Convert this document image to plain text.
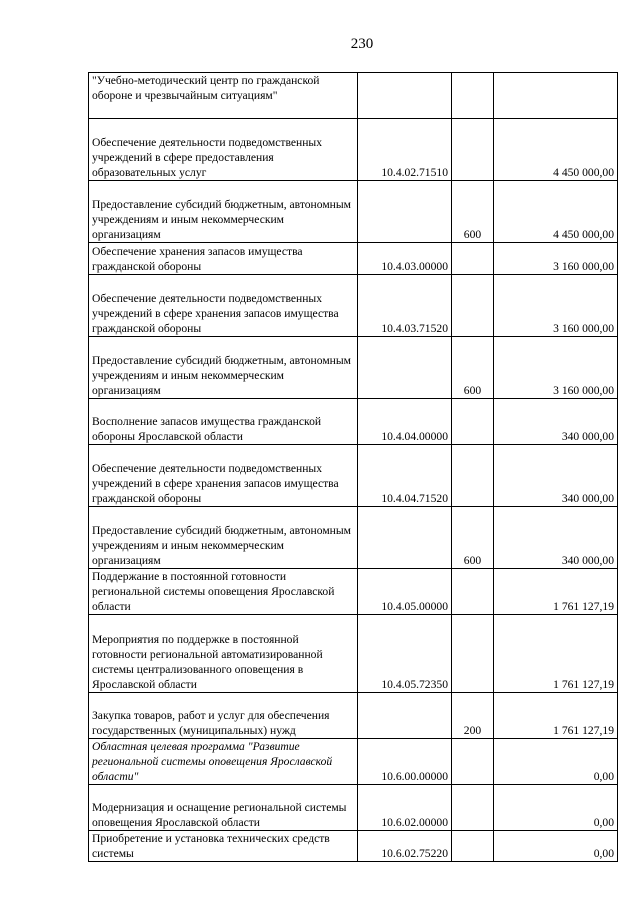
230
"Учебно-методический центр по гражданской обороне и чрезвычайным ситуациям"			
Обеспечение деятельности подведомственных учреждений в сфере предоставления образовательных услуг	10.4.02.71510		4 450 000,00
Предоставление субсидий бюджетным, автономным учреждениям и иным некоммерческим организациям		600	4 450 000,00
Обеспечение хранения запасов имущества гражданской обороны	10.4.03.00000		3 160 000,00
Обеспечение деятельности подведомственных учреждений в сфере хранения запасов имущества гражданской обороны	10.4.03.71520		3 160 000,00
Предоставление субсидий бюджетным, автономным учреждениям и иным некоммерческим организациям		600	3 160 000,00
Восполнение запасов имущества гражданской обороны Ярославской области	10.4.04.00000		340 000,00
Обеспечение деятельности подведомственных учреждений в сфере хранения запасов имущества гражданской обороны	10.4.04.71520		340 000,00
Предоставление субсидий бюджетным, автономным учреждениям и иным некоммерческим организациям		600	340 000,00
Поддержание в постоянной готовности региональной системы оповещения Ярославской области	10.4.05.00000		1 761 127,19
Мероприятия по поддержке в постоянной готовности региональной автоматизированной системы централизованного оповещения в Ярославской области	10.4.05.72350		1 761 127,19
Закупка товаров, работ и услуг для обеспечения государственных (муниципальных) нужд		200	1 761 127,19
Областная целевая программа "Развитие региональной системы оповещения Ярославской области"	10.6.00.00000		0,00
Модернизация и оснащение региональной системы оповещения Ярославской области	10.6.02.00000		0,00
Приобретение и установка технических средств системы	10.6.02.75220		0,00
